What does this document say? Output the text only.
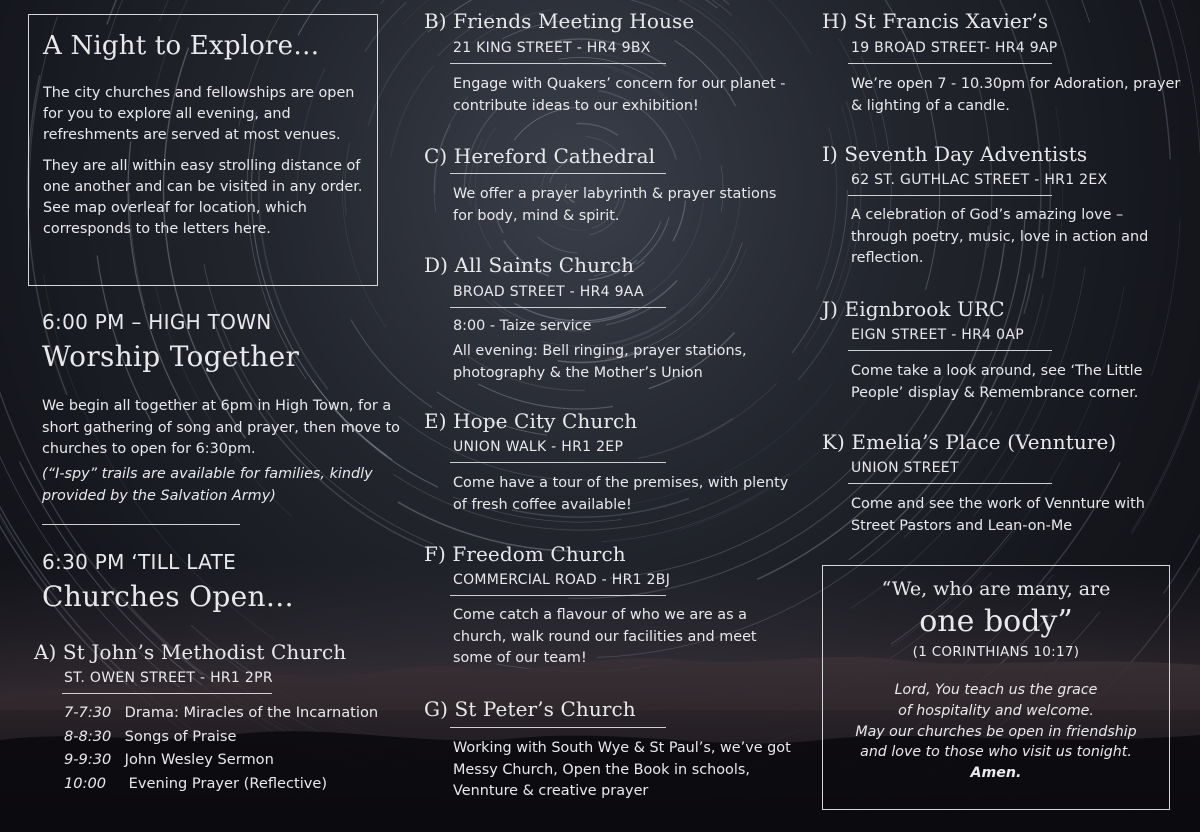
A Night to Explore…

The city churches and fellowships are open for you to explore all evening, and refreshments are served at most venues.

They are all within easy strolling distance of one another and can be visited in any order. See map overleaf for location, which corresponds to the letters here.

6:00 PM – HIGH TOWN
Worship Together
We begin all together at 6pm in High Town, for a short gathering of song and prayer, then move to churches to open for 6:30pm.
(“I-spy” trails are available for families, kindly provided by the Salvation Army)
6:30 PM ‘TILL LATE
Churches Open…
A) St John’s Methodist Church
ST. OWEN STREET - HR1 2PR
7-7:30 Drama: Miracles of the Incarnation
8-8:30 Songs of Praise
9-9:30 John Wesley Sermon
10:00 Evening Prayer (Reflective)
B) Friends Meeting House
21 KING STREET - HR4 9BX
Engage with Quakers’ concern for our planet - contribute ideas to our exhibition!
C) Hereford Cathedral
We offer a prayer labyrinth & prayer stations for body, mind & spirit.
D) All Saints Church
BROAD STREET - HR4 9AA
8:00 - Taize service
All evening: Bell ringing, prayer stations, photography & the Mother’s Union
E) Hope City Church
UNION WALK - HR1 2EP
Come have a tour of the premises, with plenty of fresh coffee available!
F) Freedom Church
COMMERCIAL ROAD - HR1 2BJ
Come catch a flavour of who we are as a church, walk round our facilities and meet some of our team!
G) St Peter’s Church
Working with South Wye & St Paul’s, we’ve got Messy Church, Open the Book in schools, Vennture & creative prayer
H) St Francis Xavier’s
19 BROAD STREET- HR4 9AP
We’re open 7 - 10.30pm for Adoration, prayer & lighting of a candle.
I) Seventh Day Adventists
62 ST. GUTHLAC STREET - HR1 2EX
A celebration of God’s amazing love – through poetry, music, love in action and reflection.
J) Eignbrook URC
EIGN STREET - HR4 0AP
Come take a look around, see ‘The Little People’ display & Remembrance corner.
K) Emelia’s Place (Vennture)
UNION STREET
Come and see the work of Vennture with Street Pastors and Lean-on-Me
“We, who are many, are
one body”
(1 CORINTHIANS 10:17)
Lord, You teach us the grace
of hospitality and welcome.
May our churches be open in friendship
and love to those who visit us tonight.
Amen.
